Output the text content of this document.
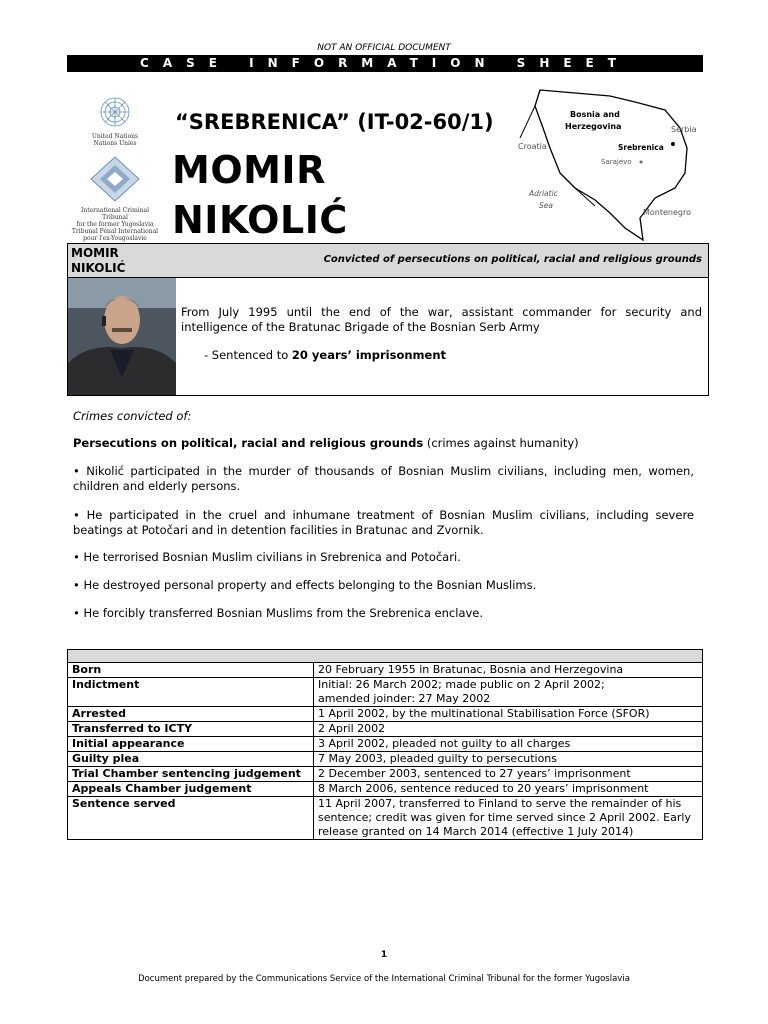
NOT AN OFFICIAL DOCUMENT
CASE INFORMATION SHEET
United Nations
Nations Unies
International Criminal Tribunal
for the former Yugoslavia
Tribunal Pénal International
pour l'ex-Yougoslavie
“SREBRENICA” (IT-02-60/1)
MOMIR
NIKOLIĆ
Bosnia and
Herzegovina
Croatia
Serbia
Srebrenica
Sarajevo
Adriatic
Sea
Montenegro
MOMIR
NIKOLIĆ
Convicted of persecutions on political, racial and religious grounds
From July 1995 until the end of the war, assistant commander for security and intelligence of the Bratunac Brigade of the Bosnian Serb Army
- Sentenced to 20 years’ imprisonment
Crimes convicted of:
Persecutions on political, racial and religious grounds (crimes against humanity)
• Nikolić participated in the murder of thousands of Bosnian Muslim civilians, including men, women, children and elderly persons.
• He participated in the cruel and inhumane treatment of Bosnian Muslim civilians, including severe beatings at Potočari and in detention facilities in Bratunac and Zvornik.
• He terrorised Bosnian Muslim civilians in Srebrenica and Potočari.
• He destroyed personal property and effects belonging to the Bosnian Muslims.
• He forcibly transferred Bosnian Muslims from the Srebrenica enclave.

Born	20 February 1955 in Bratunac, Bosnia and Herzegovina
Indictment	Initial: 26 March 2002; made public on 2 April 2002;
amended joinder: 27 May 2002
Arrested	1 April 2002, by the multinational Stabilisation Force (SFOR)
Transferred to ICTY	2 April 2002
Initial appearance	3 April 2002, pleaded not guilty to all charges
Guilty plea	7 May 2003, pleaded guilty to persecutions
Trial Chamber sentencing judgement	2 December 2003, sentenced to 27 years’ imprisonment
Appeals Chamber judgement	8 March 2006, sentence reduced to 20 years’ imprisonment
Sentence served	11 April 2007, transferred to Finland to serve the remainder of his sentence; credit was given for time served since 2 April 2002. Early release granted on 14 March 2014 (effective 1 July 2014)
1
Document prepared by the Communications Service of the International Criminal Tribunal for the former Yugoslavia
